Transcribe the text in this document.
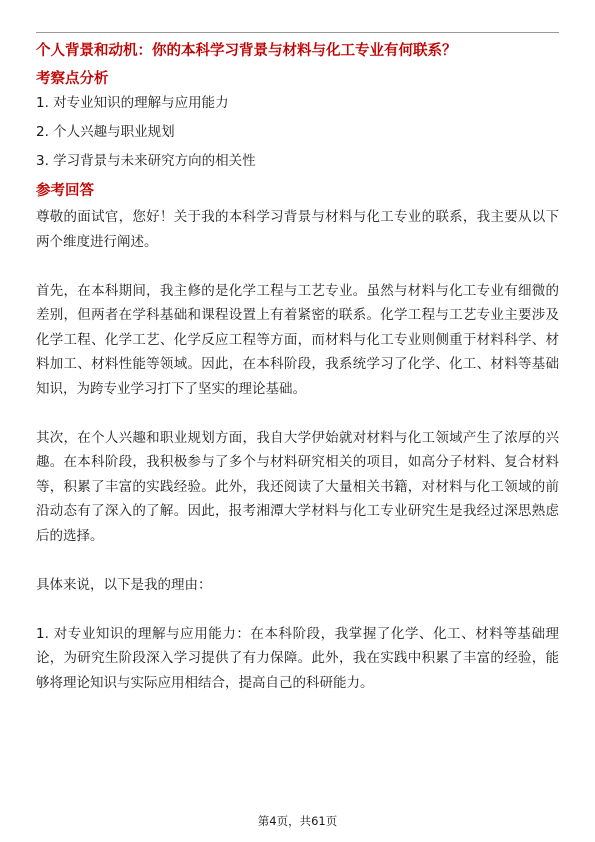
个人背景和动机：你的本科学习背景与材料与化工专业有何联系？
考察点分析
1. 对专业知识的理解与应用能力
2. 个人兴趣与职业规划
3. 学习背景与未来研究方向的相关性
参考回答

尊敬的面试官，您好！关于我的本科学习背景与材料与化工专业的联系，我主要从以下两个维度进行阐述。

首先，在本科期间，我主修的是化学工程与工艺专业。虽然与材料与化工专业有细微的差别，但两者在学科基础和课程设置上有着紧密的联系。化学工程与工艺专业主要涉及化学工程、化学工艺、化学反应工程等方面，而材料与化工专业则侧重于材料科学、材料加工、材料性能等领域。因此，在本科阶段，我系统学习了化学、化工、材料等基础知识，为跨专业学习打下了坚实的理论基础。

其次，在个人兴趣和职业规划方面，我自大学伊始就对材料与化工领域产生了浓厚的兴趣。在本科阶段，我积极参与了多个与材料研究相关的项目，如高分子材料、复合材料等，积累了丰富的实践经验。此外，我还阅读了大量相关书籍，对材料与化工领域的前沿动态有了深入的了解。因此，报考湘潭大学材料与化工专业研究生是我经过深思熟虑后的选择。

具体来说，以下是我的理由：

1. 对专业知识的理解与应用能力：在本科阶段，我掌握了化学、化工、材料等基础理论，为研究生阶段深入学习提供了有力保障。此外，我在实践中积累了丰富的经验，能够将理论知识与实际应用相结合，提高自己的科研能力。

第4页，共61页
